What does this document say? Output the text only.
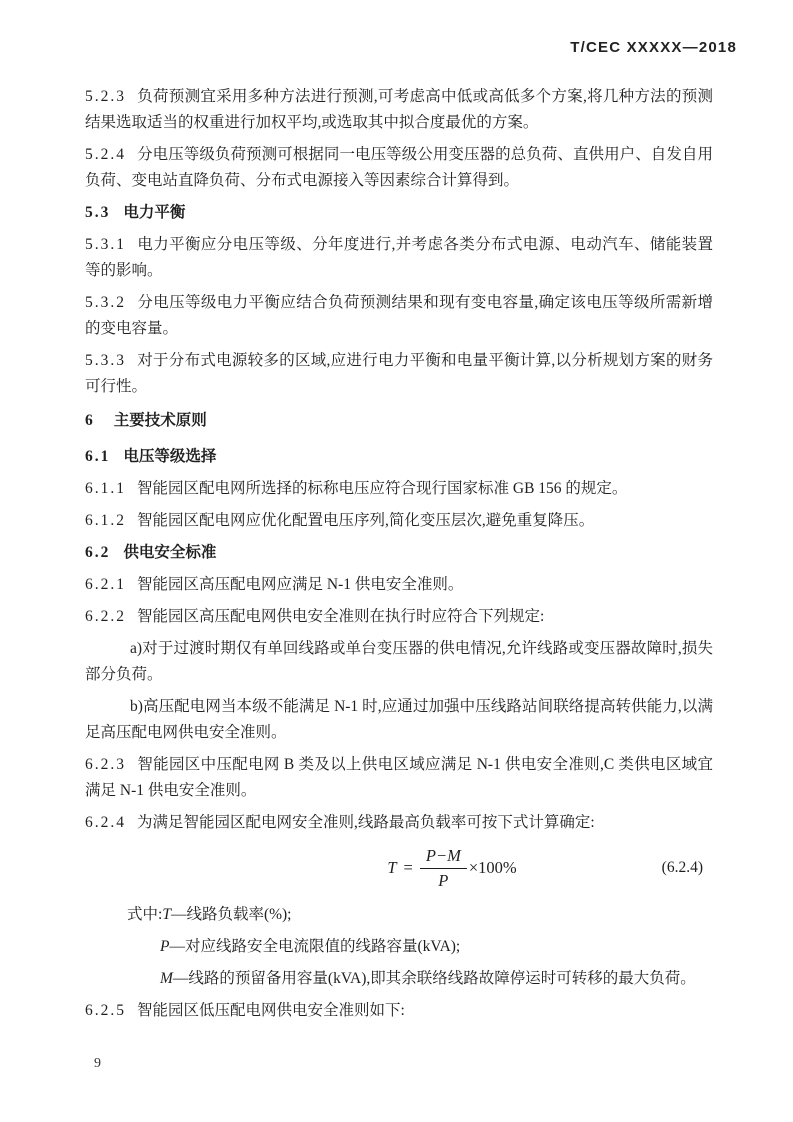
T/CEC XXXXX—2018

5.2.3 负荷预测宜采用多种方法进行预测,可考虑高中低或高低多个方案,将几种方法的预测结果选取适当的权重进行加权平均,或选取其中拟合度最优的方案。

5.2.4 分电压等级负荷预测可根据同一电压等级公用变压器的总负荷、直供用户、自发自用负荷、变电站直降负荷、分布式电源接入等因素综合计算得到。

5.3 电力平衡

5.3.1 电力平衡应分电压等级、分年度进行,并考虑各类分布式电源、电动汽车、储能装置等的影响。

5.3.2 分电压等级电力平衡应结合负荷预测结果和现有变电容量,确定该电压等级所需新增的变电容量。

5.3.3 对于分布式电源较多的区域,应进行电力平衡和电量平衡计算,以分析规划方案的财务可行性。

6 主要技术原则

6.1 电压等级选择

6.1.1 智能园区配电网所选择的标称电压应符合现行国家标准 GB 156 的规定。

6.1.2 智能园区配电网应优化配置电压序列,简化变压层次,避免重复降压。

6.2 供电安全标准

6.2.1 智能园区高压配电网应满足 N-1 供电安全准则。

6.2.2 智能园区高压配电网供电安全准则在执行时应符合下列规定:

a)对于过渡时期仅有单回线路或单台变压器的供电情况,允许线路或变压器故障时,损失部分负荷。

b)高压配电网当本级不能满足 N-1 时,应通过加强中压线路站间联络提高转供能力,以满足高压配电网供电安全准则。

6.2.3 智能园区中压配电网 B 类及以上供电区域应满足 N-1 供电安全准则,C 类供电区域宜满足 N-1 供电安全准则。

6.2.4 为满足智能园区配电网安全准则,线路最高负载率可按下式计算确定:

$T = \frac{P-M}{P} \times 100\%$	(6.2.4)

式中:T—线路负载率(%);

P—对应线路安全电流限值的线路容量(kVA);

M—线路的预留备用容量(kVA),即其余联络线路故障停运时可转移的最大负荷。

6.2.5 智能园区低压配电网供电安全准则如下:

9
